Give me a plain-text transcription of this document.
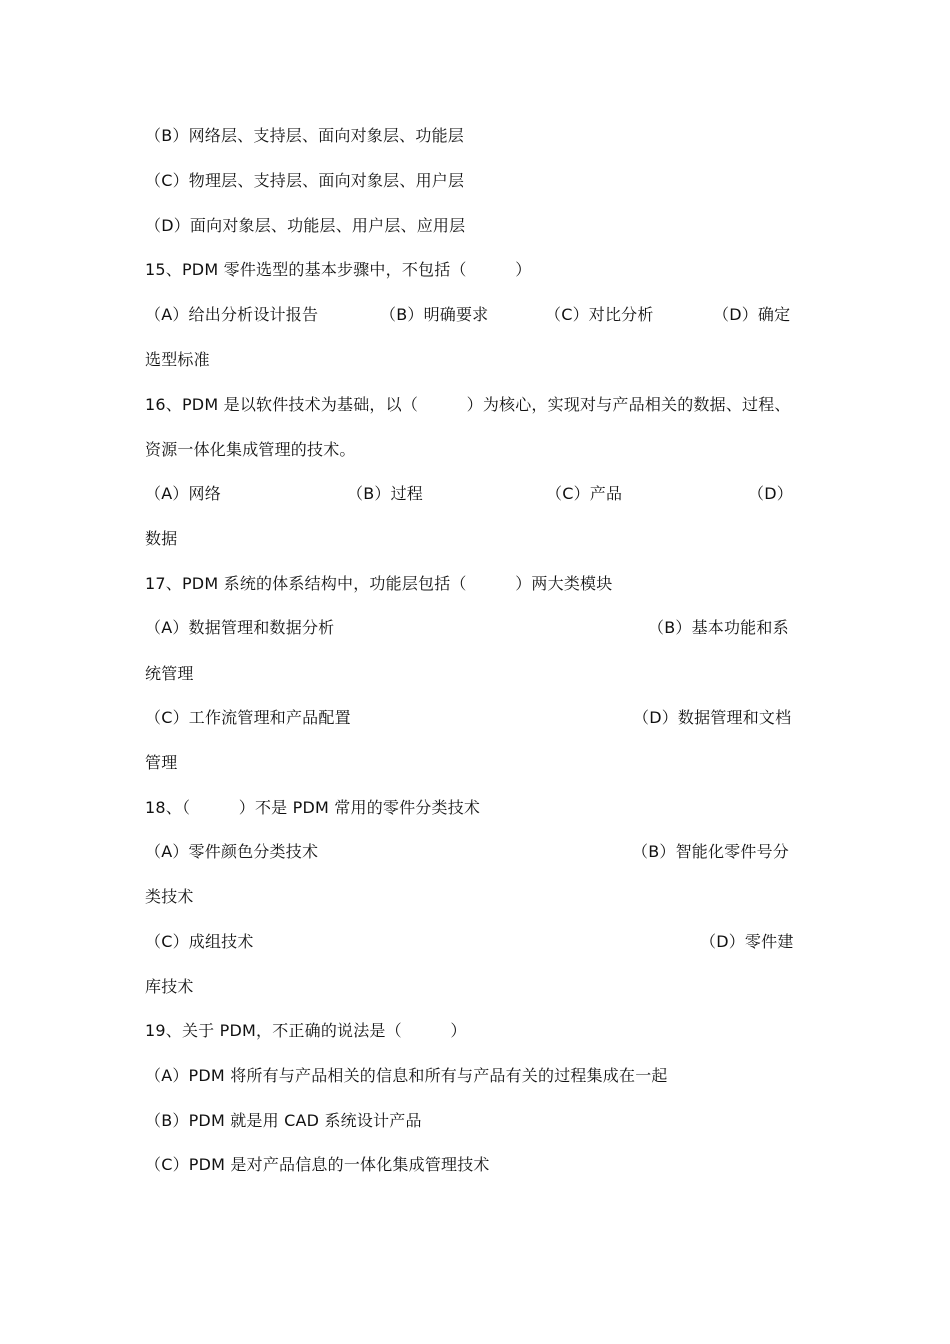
（B）网络层、支持层、面向对象层、功能层
（C）物理层、支持层、面向对象层、用户层
（D）面向对象层、功能层、用户层、应用层
15、PDM 零件选型的基本步骤中，不包括（　　　）
（A）给出分析设计报告	（B）明确要求	（C）对比分析	（D）确定
选型标准
16、PDM 是以软件技术为基础，以（　　　）为核心，实现对与产品相关的数据、过程、
资源一体化集成管理的技术。
（A）网络	（B）过程	（C）产品	（D）
数据
17、PDM 系统的体系结构中，功能层包括（　　　）两大类模块
（A）数据管理和数据分析	（B）基本功能和系
统管理
（C）工作流管理和产品配置	（D）数据管理和文档
管理
18、（　　　）不是 PDM 常用的零件分类技术
（A）零件颜色分类技术	（B）智能化零件号分
类技术
（C）成组技术	（D）零件建
库技术
19、关于 PDM，不正确的说法是（　　　）
（A）PDM 将所有与产品相关的信息和所有与产品有关的过程集成在一起
（B）PDM 就是用 CAD 系统设计产品
（C）PDM 是对产品信息的一体化集成管理技术
